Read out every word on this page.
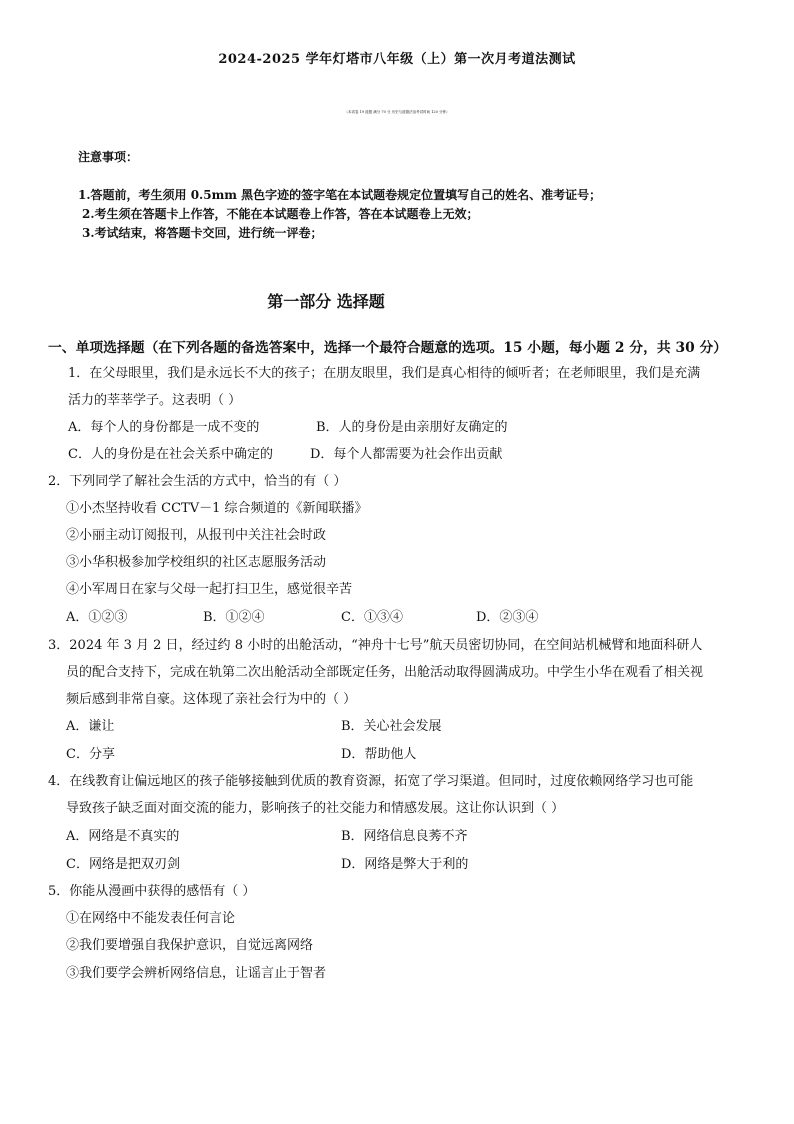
2024-2025 学年灯塔市八年级（上）第一次月考道法测试
（本试卷 19 道题 满分 70 分 历史与道德法治考试时间 120 分钟）
注意事项：
1.答题前，考生须用 0.5mm 黑色字迹的签字笔在本试题卷规定位置填写自己的姓名、准考证号；
2.考生须在答题卡上作答，不能在本试题卷上作答，答在本试题卷上无效；
3.考试结束，将答题卡交回，进行统一评卷；
第一部分 选择题
一、单项选择题（在下列各题的备选答案中，选择一个最符合题意的选项。15 小题，每小题 2 分，共 30 分）
1．在父母眼里，我们是永远长不大的孩子；在朋友眼里，我们是真心相待的倾听者；在老师眼里，我们是充满
活力的莘莘学子。这表明（ ）
A．每个人的身份都是一成不变的	B．人的身份是由亲朋好友确定的
C．人的身份是在社会关系中确定的	D．每个人都需要为社会作出贡献
2．下列同学了解社会生活的方式中，恰当的有（ ）
①小杰坚持收看 CCTV－1 综合频道的《新闻联播》
②小丽主动订阅报刊，从报刊中关注社会时政
③小华积极参加学校组织的社区志愿服务活动
④小军周日在家与父母一起打扫卫生，感觉很辛苦
A．①②③	B．①②④	C．①③④	D．②③④
3．2024 年 3 月 2 日，经过约 8 小时的出舱活动，“神舟十七号”航天员密切协同，在空间站机械臂和地面科研人
员的配合支持下，完成在轨第二次出舱活动全部既定任务，出舱活动取得圆满成功。中学生小华在观看了相关视
频后感到非常自豪。这体现了亲社会行为中的（ ）
A．谦让	B．关心社会发展
C．分享	D．帮助他人
4．在线教育让偏远地区的孩子能够接触到优质的教育资源，拓宽了学习渠道。但同时，过度依赖网络学习也可能
导致孩子缺乏面对面交流的能力，影响孩子的社交能力和情感发展。这让你认识到（ ）
A．网络是不真实的	B．网络信息良莠不齐
C．网络是把双刃剑	D．网络是弊大于利的
5．你能从漫画中获得的感悟有（ ）
①在网络中不能发表任何言论
②我们要增强自我保护意识，自觉远离网络
③我们要学会辨析网络信息，让谣言止于智者
